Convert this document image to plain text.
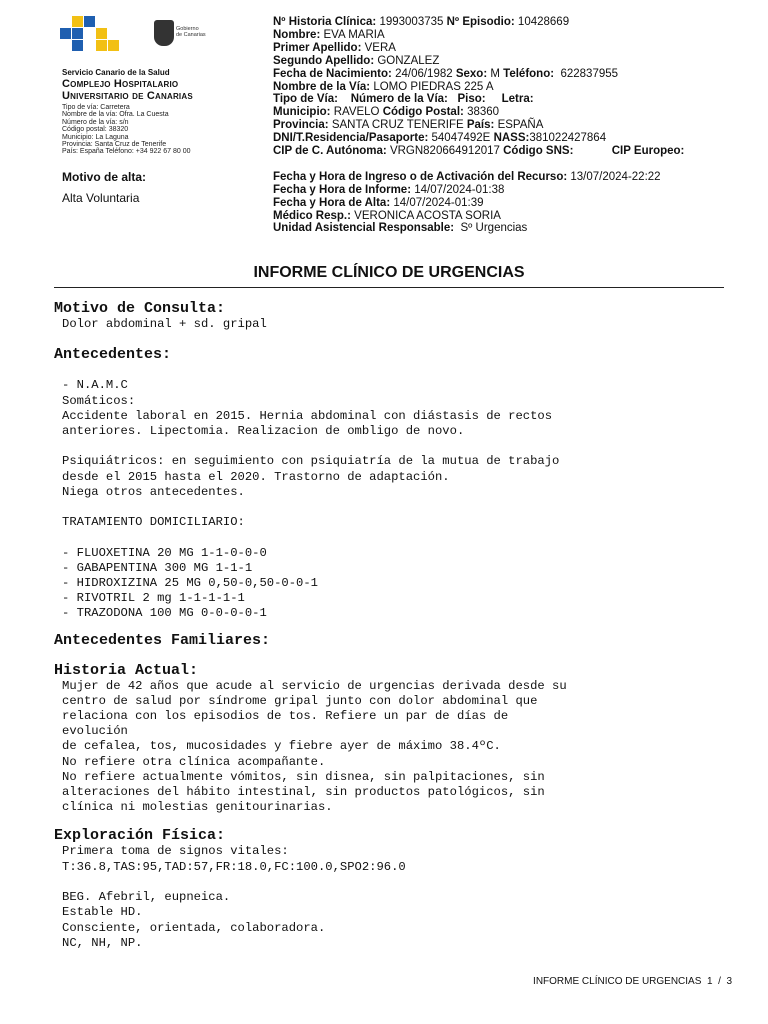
Gobierno
de Canarias
Servicio Canario de la Salud
Complejo Hospitalario
Universitario de Canarias
Tipo de vía: Carretera
Nombre de la vía: Ofra. La Cuesta
Número de la vía: s/n
Código postal: 38320
Municipio: La Laguna
Provincia: Santa Cruz de Tenerife
País: España Teléfono: +34 922 67 80 00
Motivo de alta:
Alta Voluntaria
Nº Historia Clínica: 1993003735 Nº Episodio: 10428669
Nombre: EVA MARIA
Primer Apellido: VERA
Segundo Apellido: GONZALEZ
Fecha de Nacimiento: 24/06/1982 Sexo: M Teléfono: 622837955
Nombre de la Vía: LOMO PIEDRAS 225 A
Tipo de Vía: Número de la Vía: Piso: Letra:
Municipio: RAVELO Código Postal: 38360
Provincia: SANTA CRUZ TENERIFE País: ESPAÑA
DNI/T.Residencia/Pasaporte: 54047492E NASS:381022427864
CIP de C. Autónoma: VRGN820664912017 Código SNS:	CIP Europeo:
Fecha y Hora de Ingreso o de Activación del Recurso: 13/07/2024-22:22
Fecha y Hora de Informe: 14/07/2024-01:38
Fecha y Hora de Alta: 14/07/2024-01:39
Médico Resp.: VERONICA ACOSTA SORIA
Unidad Asistencial Responsable: Sº Urgencias
INFORME CLÍNICO DE URGENCIAS

Motivo de Consulta:

Dolor abdominal + sd. gripal

Antecedentes:

- N.A.M.C
Somáticos:
Accidente laboral en 2015. Hernia abdominal con diástasis de rectos
anteriores. Lipectomia. Realizacion de ombligo de novo.

Psiquiátricos: en seguimiento con psiquiatría de la mutua de trabajo
desde el 2015 hasta el 2020. Trastorno de adaptación.
Niega otros antecedentes.

TRATAMIENTO DOMICILIARIO:

- FLUOXETINA 20 MG 1-1-0-0-0
- GABAPENTINA 300 MG 1-1-1
- HIDROXIZINA 25 MG 0,50-0,50-0-0-1
- RIVOTRIL 2 mg 1-1-1-1-1
- TRAZODONA 100 MG 0-0-0-0-1

Antecedentes Familiares:

Historia Actual:

Mujer de 42 años que acude al servicio de urgencias derivada desde su
centro de salud por síndrome gripal junto con dolor abdominal que
relaciona con los episodios de tos. Refiere un par de días de
evolución
de cefalea, tos, mucosidades y fiebre ayer de máximo 38.4ºC.
No refiere otra clínica acompañante.
No refiere actualmente vómitos, sin disnea, sin palpitaciones, sin
alteraciones del hábito intestinal, sin productos patológicos, sin
clínica ni molestias genitourinarias.

Exploración Física:

Primera toma de signos vitales:
T:36.8,TAS:95,TAD:57,FR:18.0,FC:100.0,SPO2:96.0

BEG. Afebril, eupneica.
Estable HD.
Consciente, orientada, colaboradora.
NC, NH, NP.

INFORME CLÍNICO DE URGENCIAS 1 / 3
